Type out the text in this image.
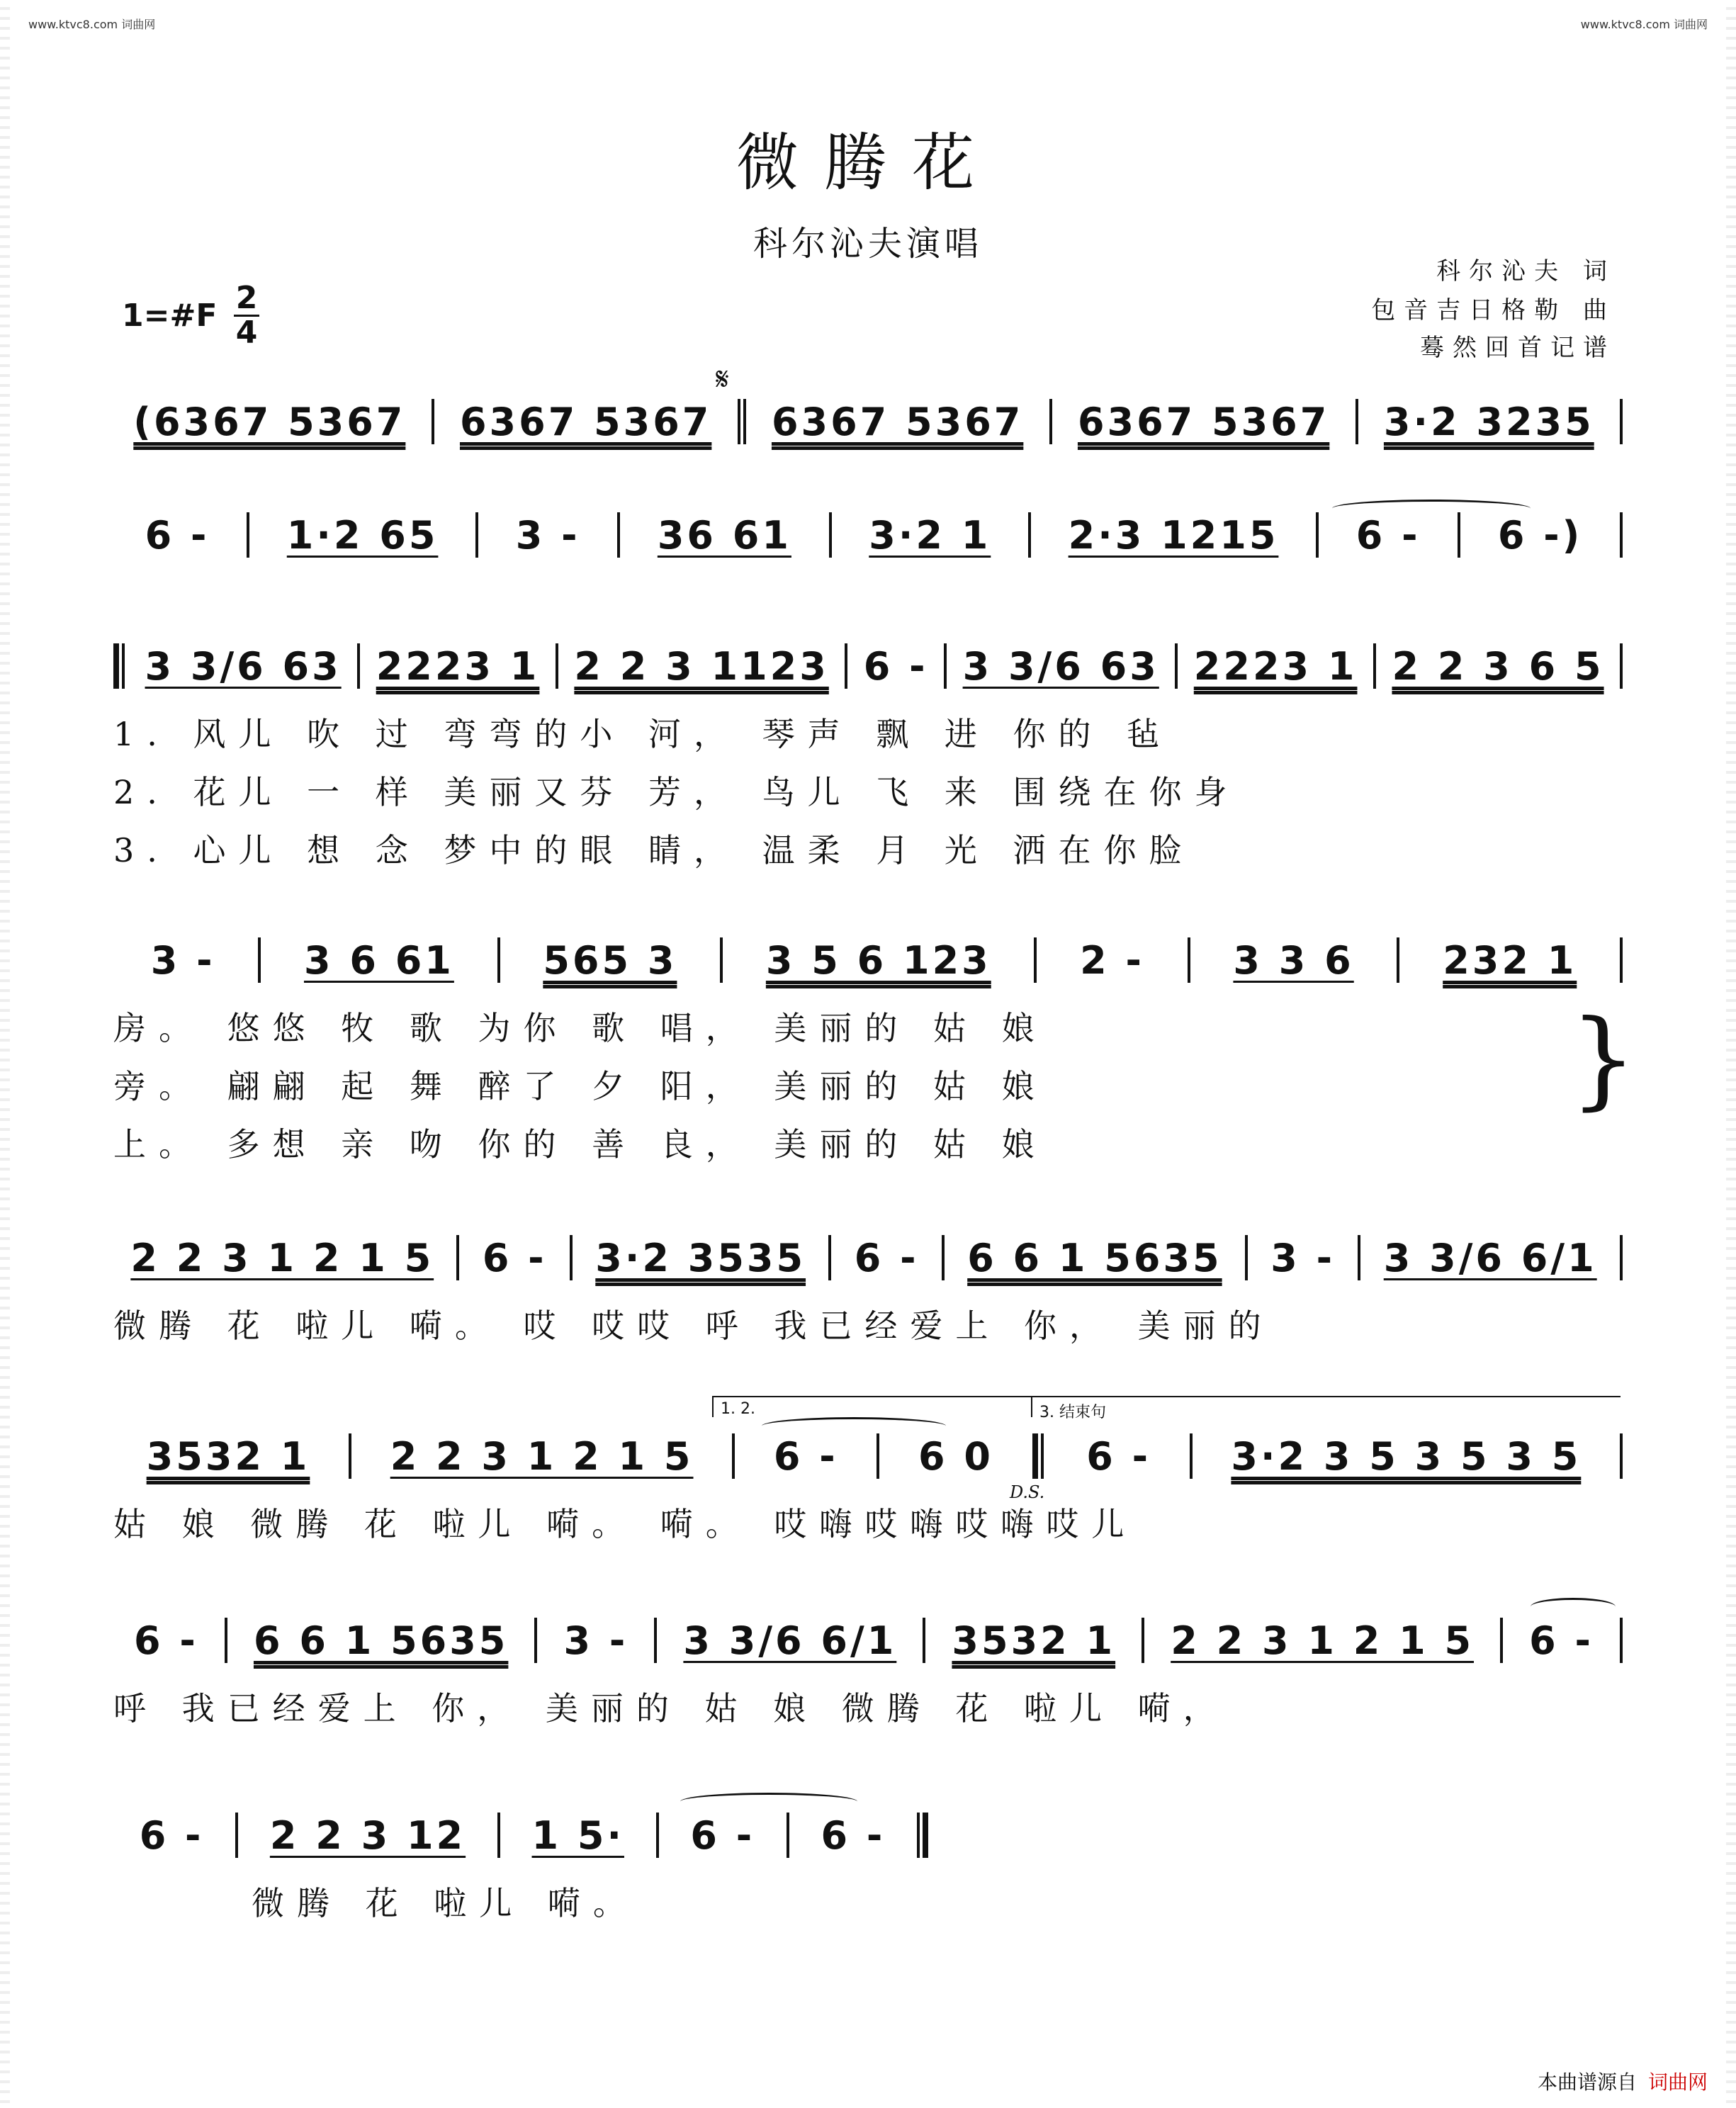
www.ktvc8.com 词曲网	www.ktvc8.com 词曲网
微腾花
科尔沁夫演唱
科尔沁夫 词
包音吉日格勒 曲
蓦然回首记谱
1=#F 2
4
𝄋
(6367 5367	6367 5367	6367 5367	6367 5367	3·2 3235
6 -	1·2 65	3 -	36 61	3·2 1	2·3 1215	6 -	6 -)
3 3/6 63 2223 1 2 2 3 1123 6 - 3 3/6 63 2223 1 2 2 3 6 5
1. 风儿 吹 过 弯弯的小 河， 琴声 飘 进 你的 毡
2. 花儿 一 样 美丽又芬 芳， 鸟儿 飞 来 围绕在你身
3. 心儿 想 念 梦中的眼 睛， 温柔 月 光 洒在你脸
3 -	3 6 61	565 3	3 5 6 123	2 -	3 3 6	232 1
房。 悠悠 牧 歌 为你 歌 唱， 美丽的 姑 娘
旁。 翩翩 起 舞 醉了 夕 阳， 美丽的 姑 娘
上。 多想 亲 吻 你的 善 良， 美丽的 姑 娘
}
2 2 3 1 2 1 5	6 -	3·2 3535	6 -	6 6 1 5635	3 -	3 3/6 6/1
微腾 花 啦儿 嗬。 哎 哎哎 呼 我已经爱上 你， 美丽的
1. 2.	3. 结束句
3532 1	2 2 3 1 2 1 5	6 -	6 0	6 -	3·2 3 5 3 5 3 5
D.S.
姑 娘 微腾 花 啦儿 嗬。 嗬。 哎嗨哎嗨哎嗨哎儿
6 -	6 6 1 5635	3 -	3 3/6 6/1	3532 1	2 2 3 1 2 1 5	6 -
呼 我已经爱上 你， 美丽的 姑 娘 微腾 花 啦儿 嗬，
6 -	2 2 3 12	1 5·	6 -	6 -
微腾 花 啦儿 嗬。
本曲谱源自 词曲网
